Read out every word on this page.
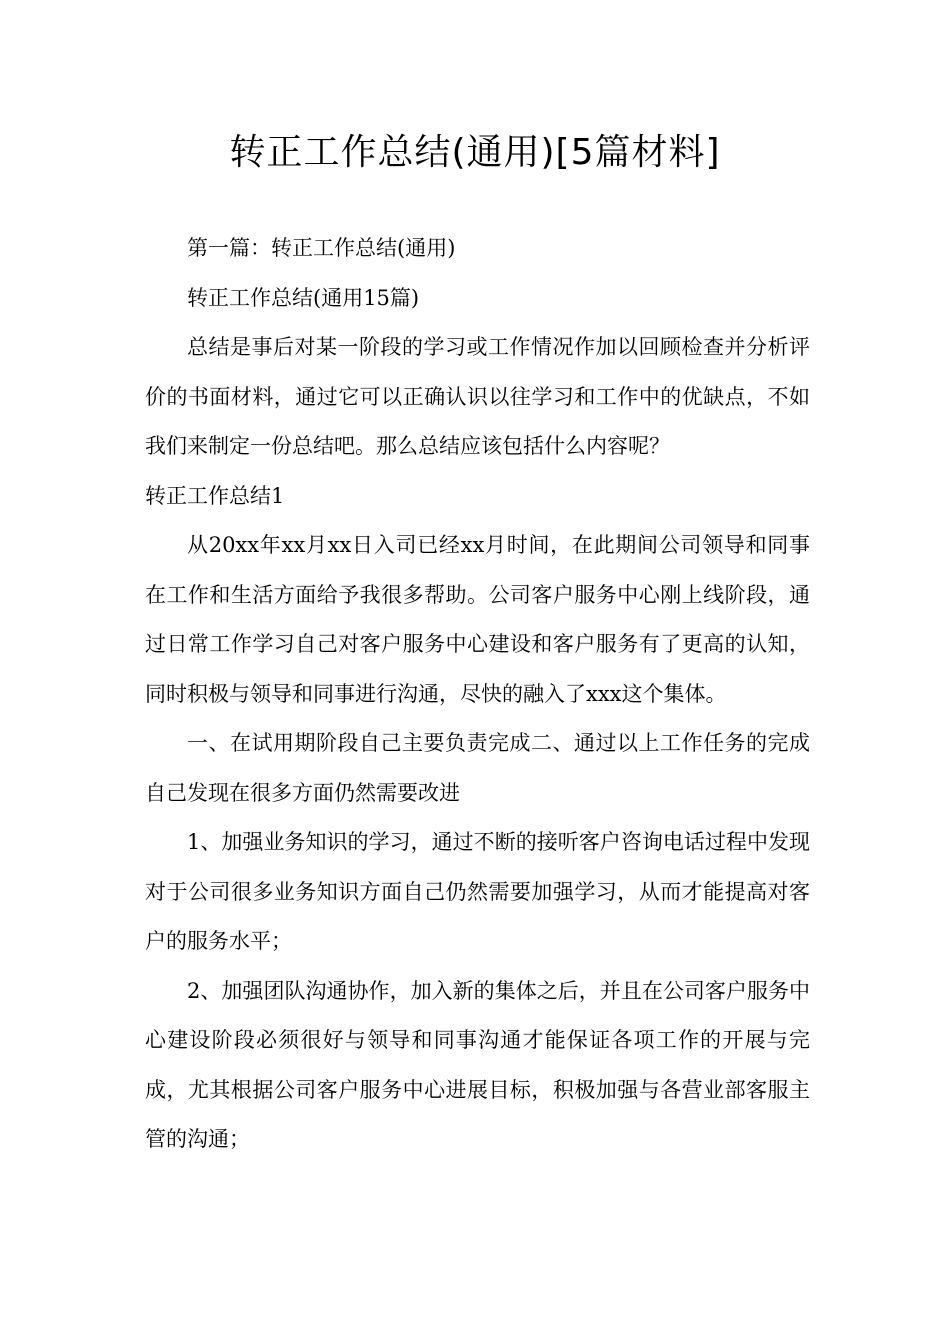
转正工作总结(通用)[5篇材料]

第一篇：转正工作总结(通用)

转正工作总结(通用15篇)

总结是事后对某一阶段的学习或工作情况作加以回顾检查并分析评价的书面材料，通过它可以正确认识以往学习和工作中的优缺点，不如我们来制定一份总结吧。那么总结应该包括什么内容呢？

转正工作总结1

从20xx年xx月xx日入司已经xx月时间，在此期间公司领导和同事在工作和生活方面给予我很多帮助。公司客户服务中心刚上线阶段，通过日常工作学习自己对客户服务中心建设和客户服务有了更高的认知，同时积极与领导和同事进行沟通，尽快的融入了xxx这个集体。

一、在试用期阶段自己主要负责完成二、通过以上工作任务的完成自己发现在很多方面仍然需要改进

1、加强业务知识的学习，通过不断的接听客户咨询电话过程中发现对于公司很多业务知识方面自己仍然需要加强学习，从而才能提高对客户的服务水平；

2、加强团队沟通协作，加入新的集体之后，并且在公司客户服务中心建设阶段必须很好与领导和同事沟通才能保证各项工作的开展与完成，尤其根据公司客户服务中心进展目标，积极加强与各营业部客服主管的沟通；
